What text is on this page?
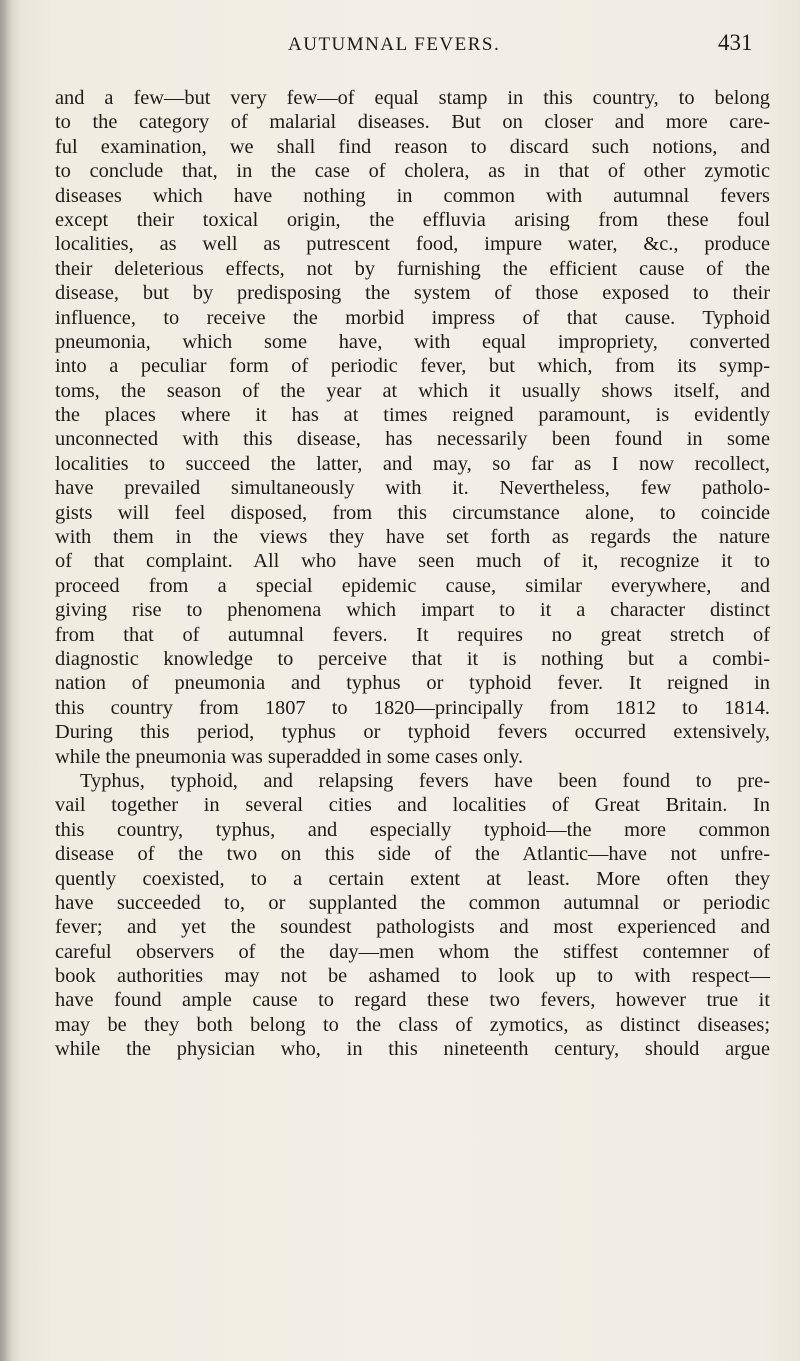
AUTUMNAL FEVERS.	431
and a few—but very few—of equal stamp in this country, to belong
to the category of malarial diseases. But on closer and more care-
ful examination, we shall find reason to discard such notions, and
to conclude that, in the case of cholera, as in that of other zymotic
diseases which have nothing in common with autumnal fevers
except their toxical origin, the effluvia arising from these foul
localities, as well as putrescent food, impure water, &c., produce
their deleterious effects, not by furnishing the efficient cause of the
disease, but by predisposing the system of those exposed to their
influence, to receive the morbid impress of that cause. Typhoid
pneumonia, which some have, with equal impropriety, converted
into a peculiar form of periodic fever, but which, from its symp-
toms, the season of the year at which it usually shows itself, and
the places where it has at times reigned paramount, is evidently
unconnected with this disease, has necessarily been found in some
localities to succeed the latter, and may, so far as I now recollect,
have prevailed simultaneously with it. Nevertheless, few patholo-
gists will feel disposed, from this circumstance alone, to coincide
with them in the views they have set forth as regards the nature
of that complaint. All who have seen much of it, recognize it to
proceed from a special epidemic cause, similar everywhere, and
giving rise to phenomena which impart to it a character distinct
from that of autumnal fevers. It requires no great stretch of
diagnostic knowledge to perceive that it is nothing but a combi-
nation of pneumonia and typhus or typhoid fever. It reigned in
this country from 1807 to 1820—principally from 1812 to 1814.
During this period, typhus or typhoid fevers occurred extensively,
while the pneumonia was superadded in some cases only.
Typhus, typhoid, and relapsing fevers have been found to pre-
vail together in several cities and localities of Great Britain. In
this country, typhus, and especially typhoid—the more common
disease of the two on this side of the Atlantic—have not unfre-
quently coexisted, to a certain extent at least. More often they
have succeeded to, or supplanted the common autumnal or periodic
fever; and yet the soundest pathologists and most experienced and
careful observers of the day—men whom the stiffest contemner of
book authorities may not be ashamed to look up to with respect—
have found ample cause to regard these two fevers, however true it
may be they both belong to the class of zymotics, as distinct diseases;
while the physician who, in this nineteenth century, should argue
